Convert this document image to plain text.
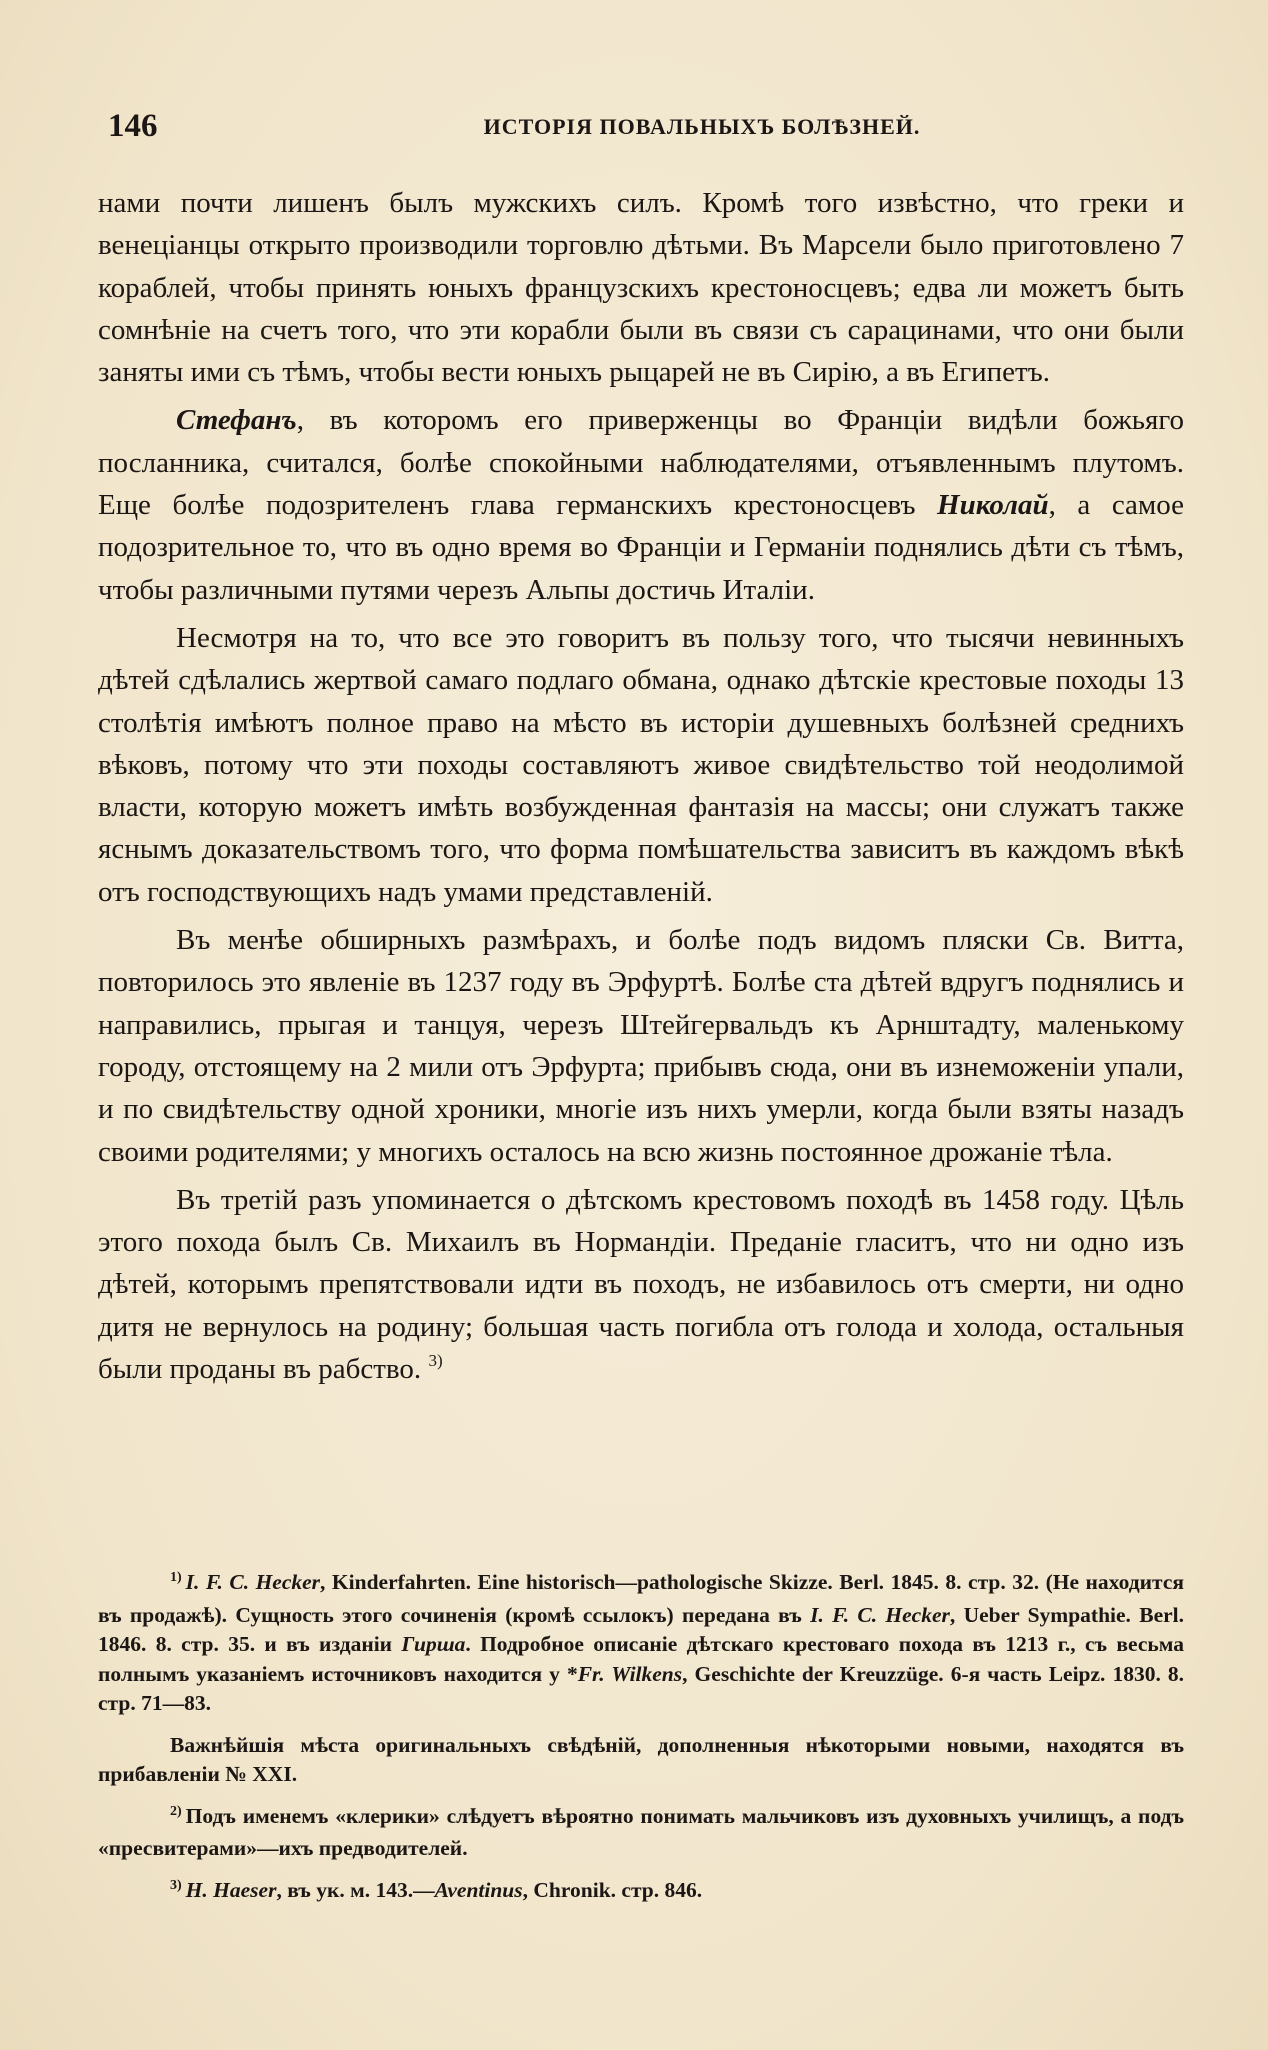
146	ИСТОРІЯ ПОВАЛЬНЫХЪ БОЛѢЗНЕЙ.

нами почти лишенъ былъ мужскихъ силъ. Кромѣ того извѣстно, что греки и венеціанцы открыто производили торговлю дѣтьми. Въ Марсели было приготовлено 7 кораблей, чтобы принять юныхъ французскихъ крестоносцевъ; едва ли можетъ быть сомнѣніе на счетъ того, что эти корабли были въ связи съ сарацинами, что они были заняты ими съ тѣмъ, чтобы вести юныхъ рыцарей не въ Сирію, а въ Египетъ.

Стефанъ, въ которомъ его приверженцы во Франціи видѣли божьяго посланника, считался, болѣе спокойными наблюдателями, отъявленнымъ плутомъ. Еще болѣе подозрителенъ глава германскихъ крестоносцевъ Николай, а самое подозрительное то, что въ одно время во Франціи и Германіи поднялись дѣти съ тѣмъ, чтобы различными путями черезъ Альпы достичь Италіи.

Несмотря на то, что все это говоритъ въ пользу того, что тысячи невинныхъ дѣтей сдѣлались жертвой самаго подлаго обмана, однако дѣтскіе крестовые походы 13 столѣтія имѣютъ полное право на мѣсто въ исторіи душевныхъ болѣзней среднихъ вѣковъ, потому что эти походы составляютъ живое свидѣтельство той неодолимой власти, которую можетъ имѣть возбужденная фантазія на массы; они служатъ также яснымъ доказательствомъ того, что форма помѣшательства зависитъ въ каждомъ вѣкѣ отъ господствующихъ надъ умами представленій.

Въ менѣе обширныхъ размѣрахъ, и болѣе подъ видомъ пляски Св. Витта, повторилось это явленіе въ 1237 году въ Эрфуртѣ. Болѣе ста дѣтей вдругъ поднялись и направились, прыгая и танцуя, черезъ Штейгервальдъ къ Арнштадту, маленькому городу, отстоящему на 2 мили отъ Эрфурта; прибывъ сюда, они въ изнеможеніи упали, и по свидѣтельству одной хроники, многіе изъ нихъ умерли, когда были взяты назадъ своими родителями; у многихъ осталось на всю жизнь постоянное дрожаніе тѣла.

Въ третій разъ упоминается о дѣтскомъ крестовомъ походѣ въ 1458 году. Цѣль этого похода былъ Св. Михаилъ въ Нормандіи. Преданіе гласитъ, что ни одно изъ дѣтей, которымъ препятствовали идти въ походъ, не избавилось отъ смерти, ни одно дитя не вернулось на родину; большая часть погибла отъ голода и холода, остальныя были проданы въ рабство. $^{3)}$

$^{1)}$ I. F. C. Hecker, Kinderfahrten. Eine historisch—pathologische Skizze. Berl. 1845. 8. стр. 32. (Не находится въ продажѣ). Сущность этого сочиненія (кромѣ ссылокъ) передана въ I. F. C. Hecker, Ueber Sympathie. Berl. 1846. 8. стр. 35. и въ изданіи Гирша. Подробное описаніе дѣтскаго крестоваго похода въ 1213 г., съ весьма полнымъ указаніемъ источниковъ находится у *Fr. Wilkens, Geschichte der Kreuzzüge. 6-я часть Leipz. 1830. 8. стр. 71—83.

Важнѣйшія мѣста оригинальныхъ свѣдѣній, дополненныя нѣкоторыми новыми, находятся въ прибавленіи № XXI.

$^{2)}$ Подъ именемъ «клерики» слѣдуетъ вѣроятно понимать мальчиковъ изъ духовныхъ училищъ, а подъ «пресвитерами»—ихъ предводителей.

$^{3)}$ H. Haeser, въ ук. м. 143.—Aventinus, Chronik. стр. 846.
